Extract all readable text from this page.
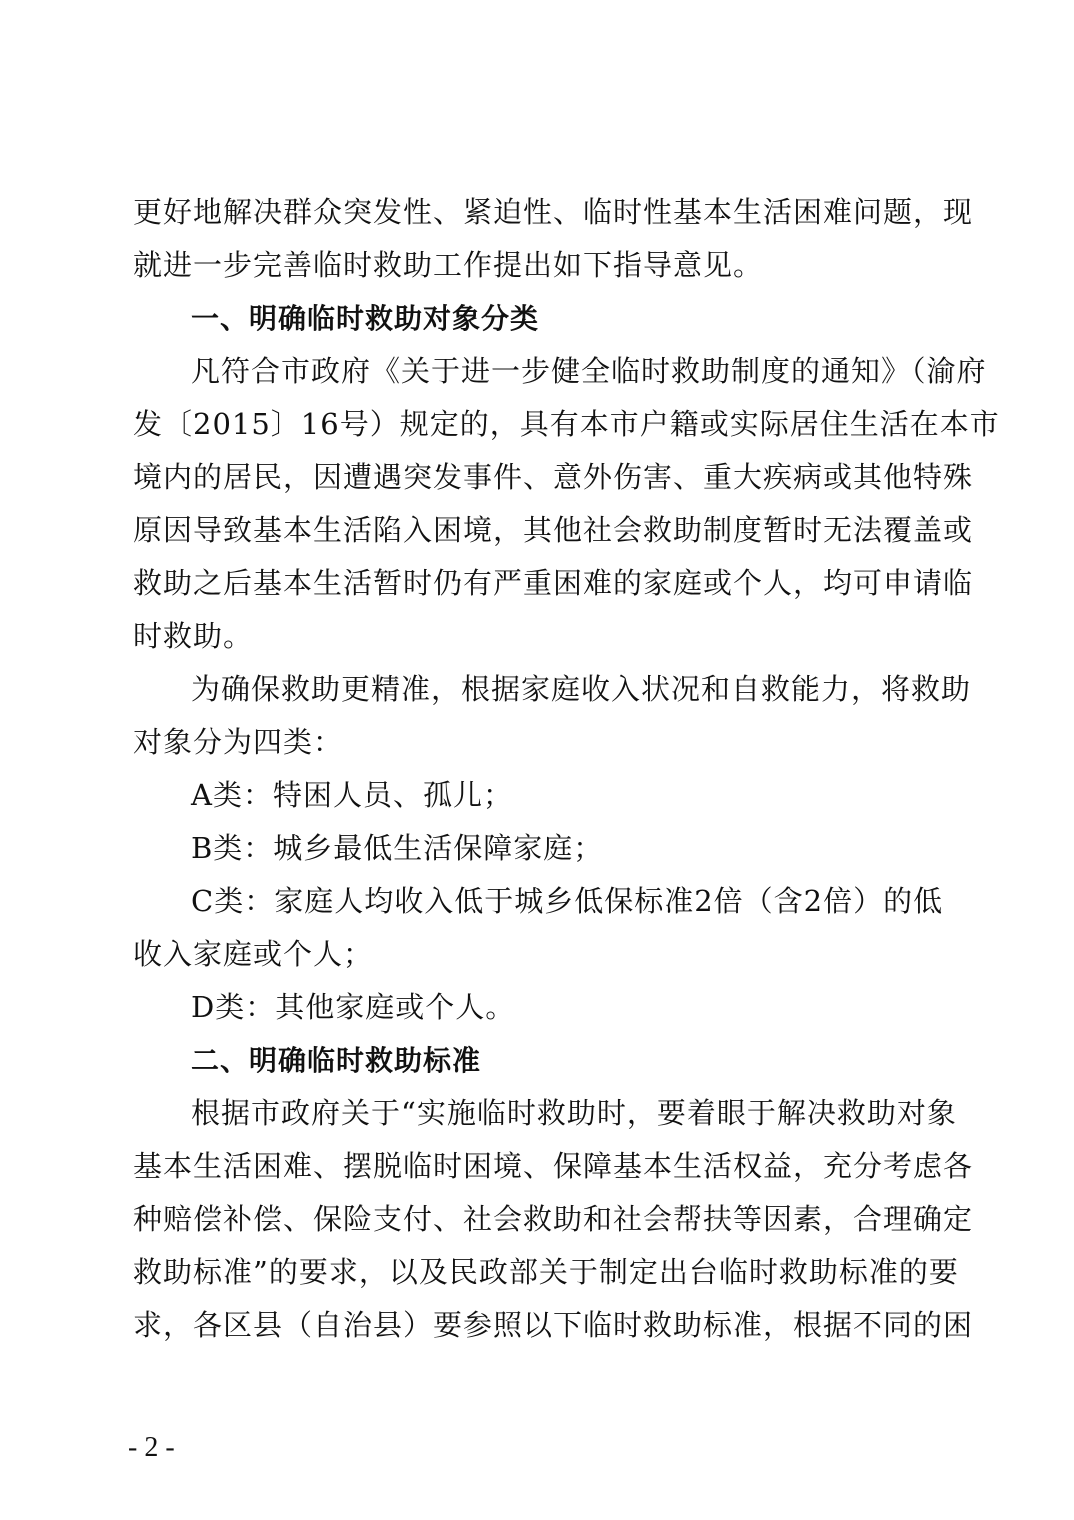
更好地解决群众突发性、紧迫性、临时性基本生活困难问题，现
就进一步完善临时救助工作提出如下指导意见。
一、明确临时救助对象分类
凡符合市政府《关于进一步健全临时救助制度的通知》（渝府
发〔2015〕16号）规定的，具有本市户籍或实际居住生活在本市
境内的居民，因遭遇突发事件、意外伤害、重大疾病或其他特殊
原因导致基本生活陷入困境，其他社会救助制度暂时无法覆盖或
救助之后基本生活暂时仍有严重困难的家庭或个人，均可申请临
时救助。
为确保救助更精准，根据家庭收入状况和自救能力，将救助
对象分为四类：
A类：特困人员、孤儿；
B类：城乡最低生活保障家庭；
C类：家庭人均收入低于城乡低保标准2倍（含2倍）的低
收入家庭或个人；
D类：其他家庭或个人。
二、明确临时救助标准
根据市政府关于“实施临时救助时，要着眼于解决救助对象
基本生活困难、摆脱临时困境、保障基本生活权益，充分考虑各
种赔偿补偿、保险支付、社会救助和社会帮扶等因素，合理确定
救助标准”的要求，以及民政部关于制定出台临时救助标准的要
求，各区县（自治县）要参照以下临时救助标准，根据不同的困
- 2 -
